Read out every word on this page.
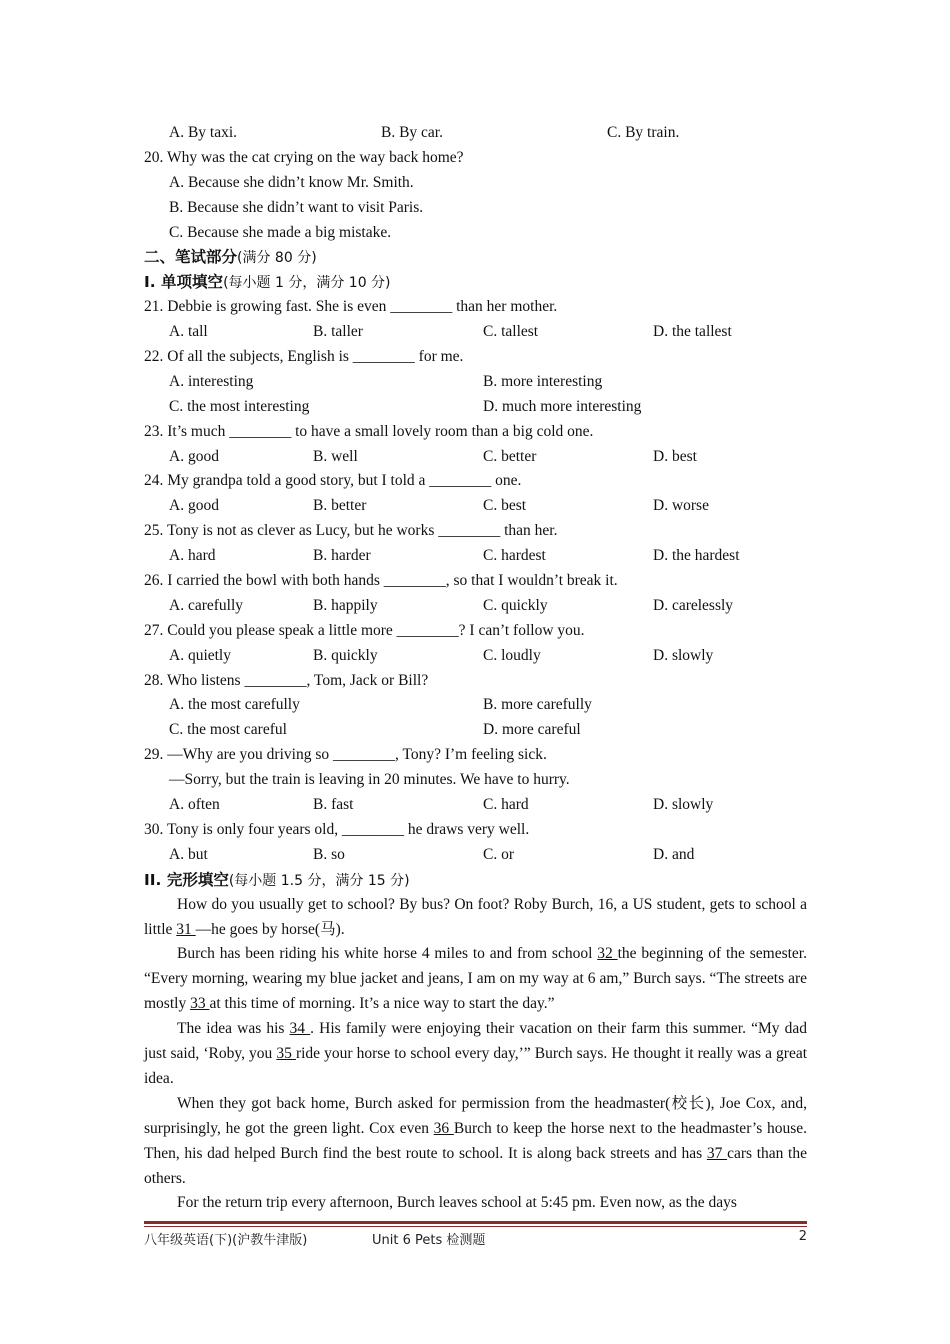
A. By taxi.	B. By car.	C. By train.
20. Why was the cat crying on the way back home?
A. Because she didn’t know Mr. Smith.
B. Because she didn’t want to visit Paris.
C. Because she made a big mistake.
二、笔试部分(满分 80 分)
I. 单项填空(每小题 1 分，满分 10 分)
21. Debbie is growing fast. She is even ________ than her mother.
A. tall	B. taller	C. tallest	D. the tallest
22. Of all the subjects, English is ________ for me.
A. interesting	B. more interesting
C. the most interesting	D. much more interesting
23. It’s much ________ to have a small lovely room than a big cold one.
A. good	B. well	C. better	D. best
24. My grandpa told a good story, but I told a ________ one.
A. good	B. better	C. best	D. worse
25. Tony is not as clever as Lucy, but he works ________ than her.
A. hard	B. harder	C. hardest	D. the hardest
26. I carried the bowl with both hands ________, so that I wouldn’t break it.
A. carefully	B. happily	C. quickly	D. carelessly
27. Could you please speak a little more ________? I can’t follow you.
A. quietly	B. quickly	C. loudly	D. slowly
28. Who listens ________, Tom, Jack or Bill?
A. the most carefully	B. more carefully
C. the most careful	D. more careful
29. —Why are you driving so ________, Tony? I’m feeling sick.
—Sorry, but the train is leaving in 20 minutes. We have to hurry.
A. often	B. fast	C. hard	D. slowly
30. Tony is only four years old, ________ he draws very well.
A. but	B. so	C. or	D. and
II. 完形填空(每小题 1.5 分，满分 15 分)
How do you usually get to school? By bus? On foot? Roby Burch, 16, a US student, gets to school a little 31 —he goes by horse(马).
Burch has been riding his white horse 4 miles to and from school 32 the beginning of the semester. “Every morning, wearing my blue jacket and jeans, I am on my way at 6 am,” Burch says. “The streets are mostly 33 at this time of morning. It’s a nice way to start the day.”
The idea was his 34 . His family were enjoying their vacation on their farm this summer. “My dad just said, ‘Roby, you 35 ride your horse to school every day,’” Burch says. He thought it really was a great idea.
When they got back home, Burch asked for permission from the headmaster(校长), Joe Cox, and, surprisingly, he got the green light. Cox even 36 Burch to keep the horse next to the headmaster’s house. Then, his dad helped Burch find the best route to school. It is along back streets and has 37 cars than the others.
For the return trip every afternoon, Burch leaves school at 5:45 pm. Even now, as the days
八年级英语(下)(沪教牛津版)	Unit 6 Pets 检测题	2
